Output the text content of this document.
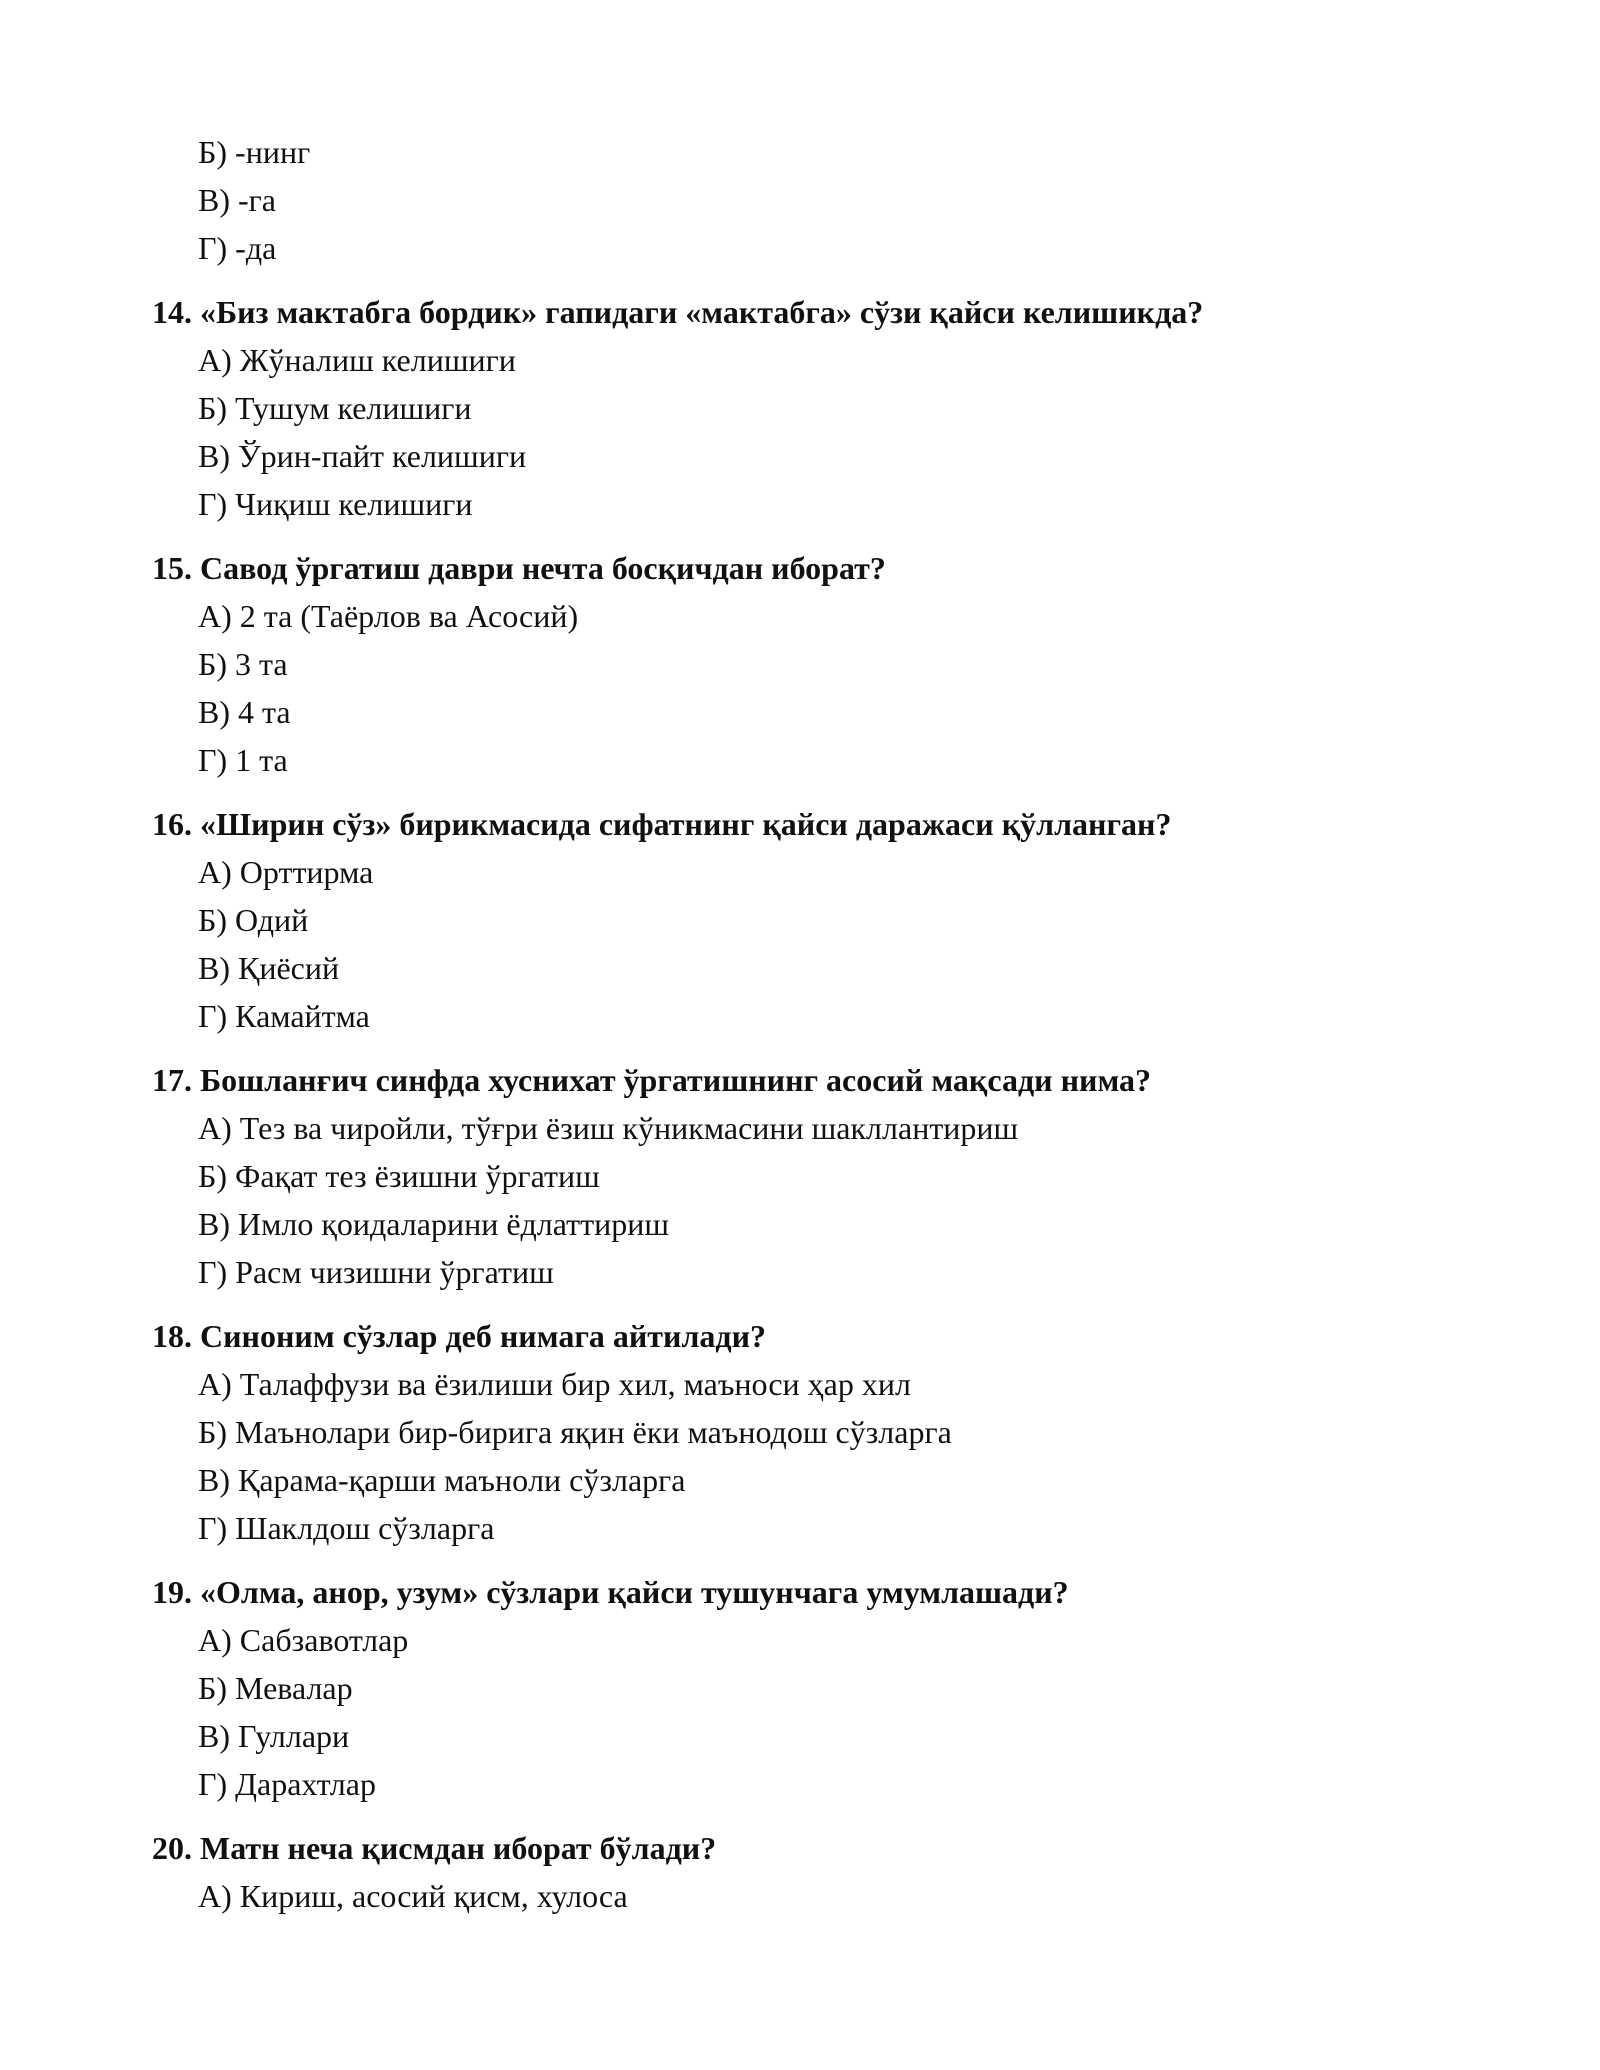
Б) -нинг
В) -га
Г) -да
14. «Биз мактабга бордик» гапидаги «мактабга» сўзи қайси келишикда?
А) Жўналиш келишиги
Б) Тушум келишиги
В) Ўрин-пайт келишиги
Г) Чиқиш келишиги
15. Савод ўргатиш даври нечта босқичдан иборат?
А) 2 та (Таёрлов ва Асосий)
Б) 3 та
В) 4 та
Г) 1 та
16. «Ширин сўз» бирикмасида сифатнинг қайси даражаси қўлланган?
А) Орттирма
Б) Одий
В) Қиёсий
Г) Камайтма
17. Бошланғич синфда хуснихат ўргатишнинг асосий мақсади нима?
А) Тез ва чиройли, тўғри ёзиш кўникмасини шакллантириш
Б) Фақат тез ёзишни ўргатиш
В) Имло қоидаларини ёдлаттириш
Г) Расм чизишни ўргатиш
18. Синоним сўзлар деб нимага айтилади?
А) Талаффузи ва ёзилиши бир хил, маъноси ҳар хил
Б) Маънолари бир-бирига яқин ёки маънодош сўзларга
В) Қарама-қарши маънoли сўзларга
Г) Шаклдош сўзларга
19. «Олма, анор, узум» сўзлари қайси тушунчага умумлашади?
А) Сабзавотлар
Б) Мевалар
В) Гуллари
Г) Дарахтлар
20. Матн неча қисмдан иборат бўлади?
А) Кириш, асосий қисм, хулоса
